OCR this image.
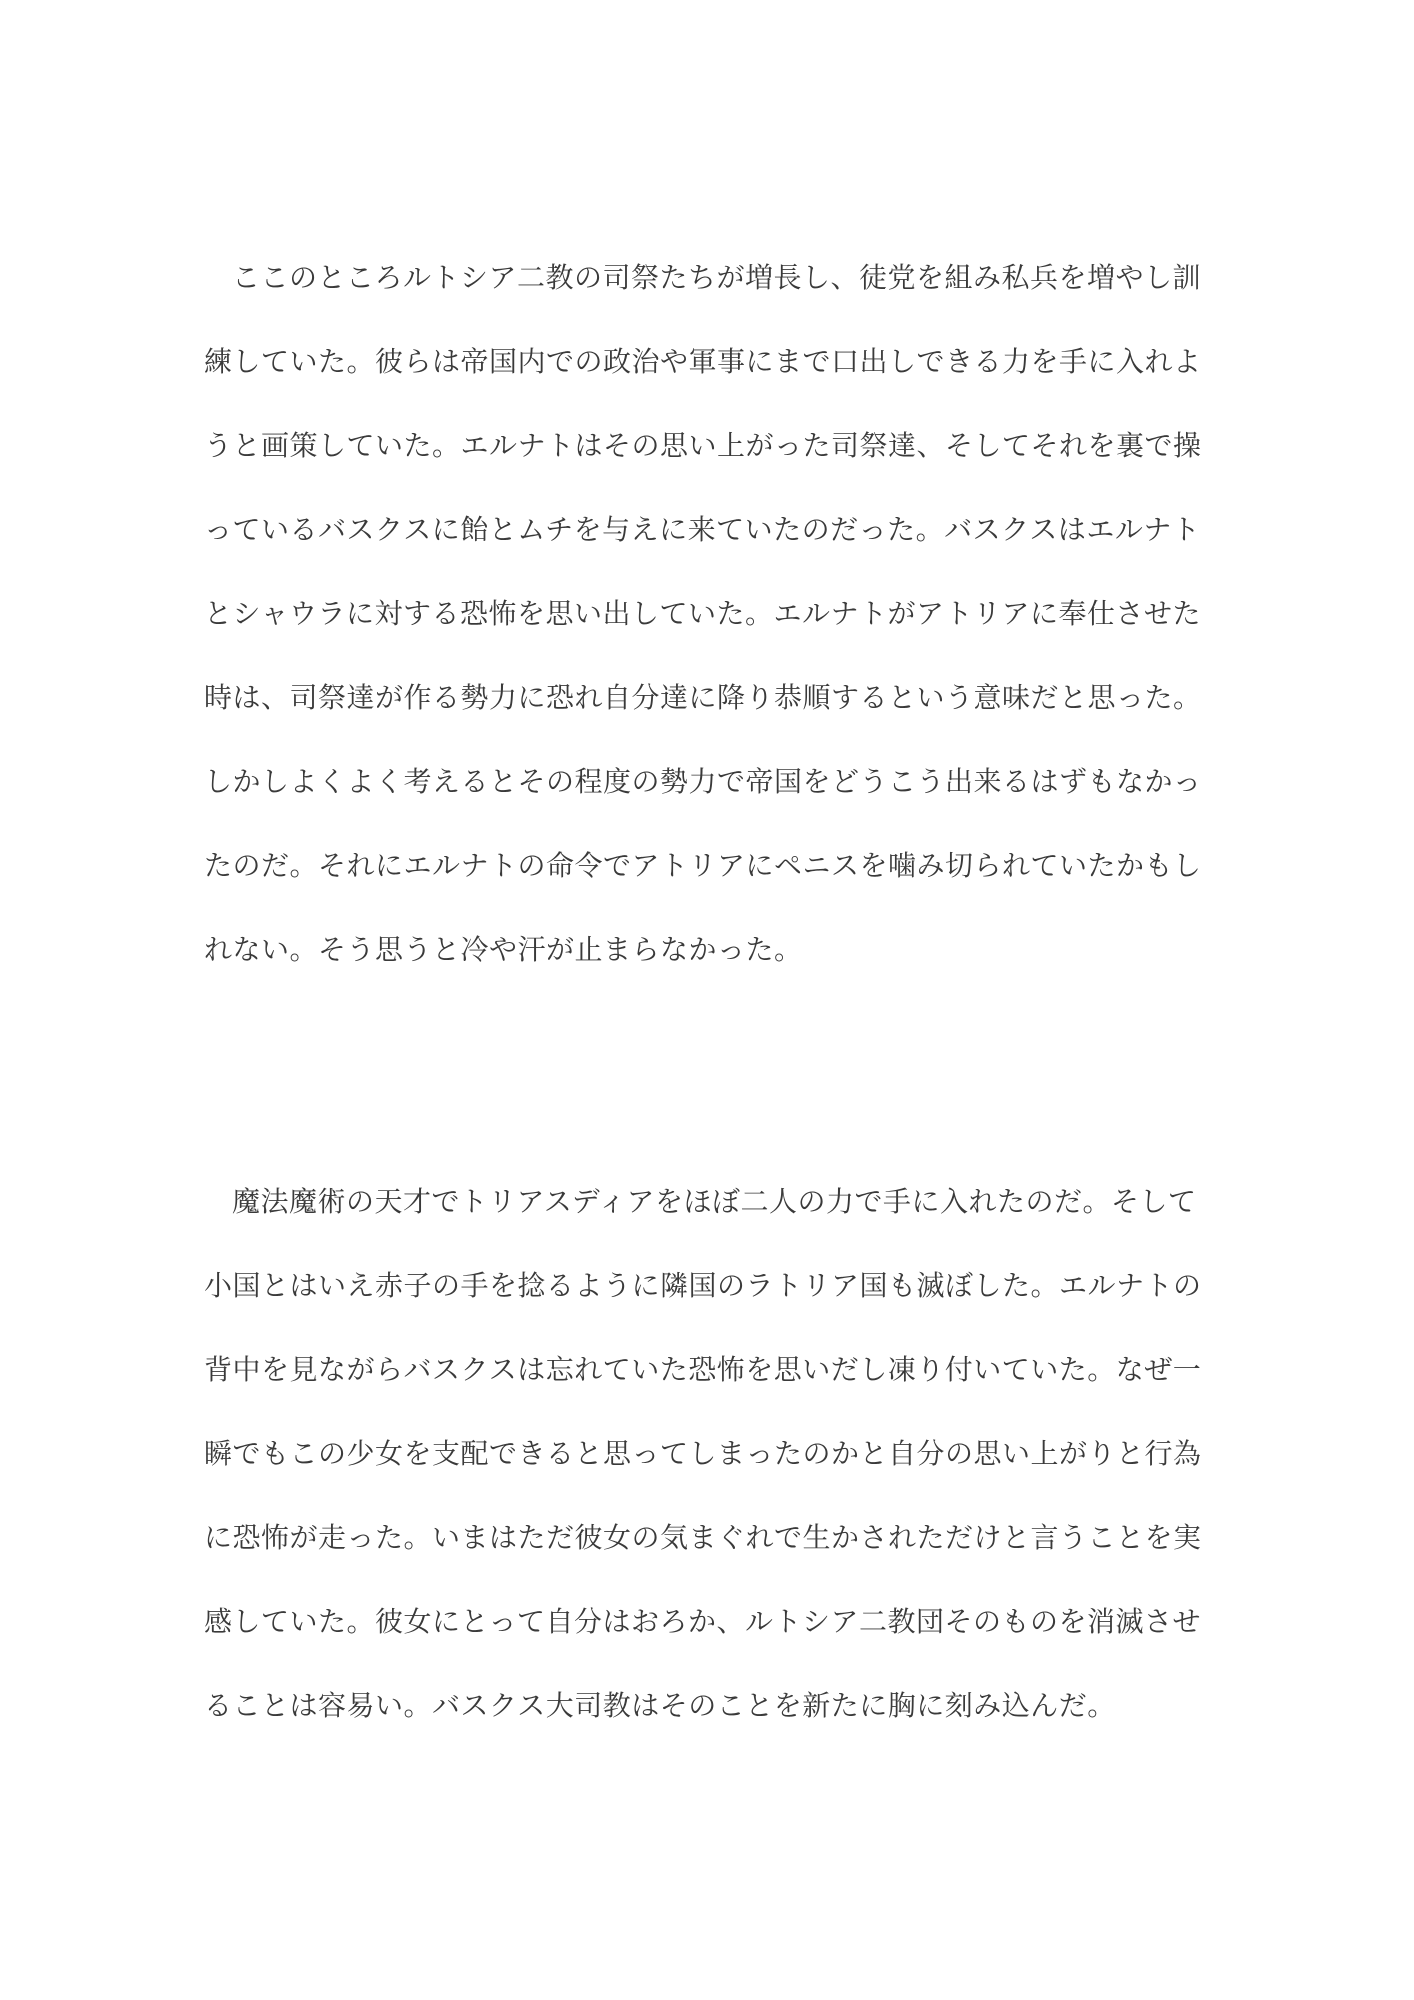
ここのところルトシア二教の司祭たちが増長し、徒党を組み私兵を増やし訓
練していた。彼らは帝国内での政治や軍事にまで口出しできる力を手に入れよ
うと画策していた。エルナトはその思い上がった司祭達、そしてそれを裏で操
っているバスクスに飴とムチを与えに来ていたのだった。バスクスはエルナト
とシャウラに対する恐怖を思い出していた。エルナトがアトリアに奉仕させた
時は、司祭達が作る勢力に恐れ自分達に降り恭順するという意味だと思った。
しかしよくよく考えるとその程度の勢力で帝国をどうこう出来るはずもなかっ
たのだ。それにエルナトの命令でアトリアにペニスを噛み切られていたかもし
れない。そう思うと冷や汗が止まらなかった。
魔法魔術の天才でトリアスディアをほぼ二人の力で手に入れたのだ。そして
小国とはいえ赤子の手を捻るように隣国のラトリア国も滅ぼした。エルナトの
背中を見ながらバスクスは忘れていた恐怖を思いだし凍り付いていた。なぜ一
瞬でもこの少女を支配できると思ってしまったのかと自分の思い上がりと行為
に恐怖が走った。いまはただ彼女の気まぐれで生かされただけと言うことを実
感していた。彼女にとって自分はおろか、ルトシア二教団そのものを消滅させ
ることは容易い。バスクス大司教はそのことを新たに胸に刻み込んだ。
